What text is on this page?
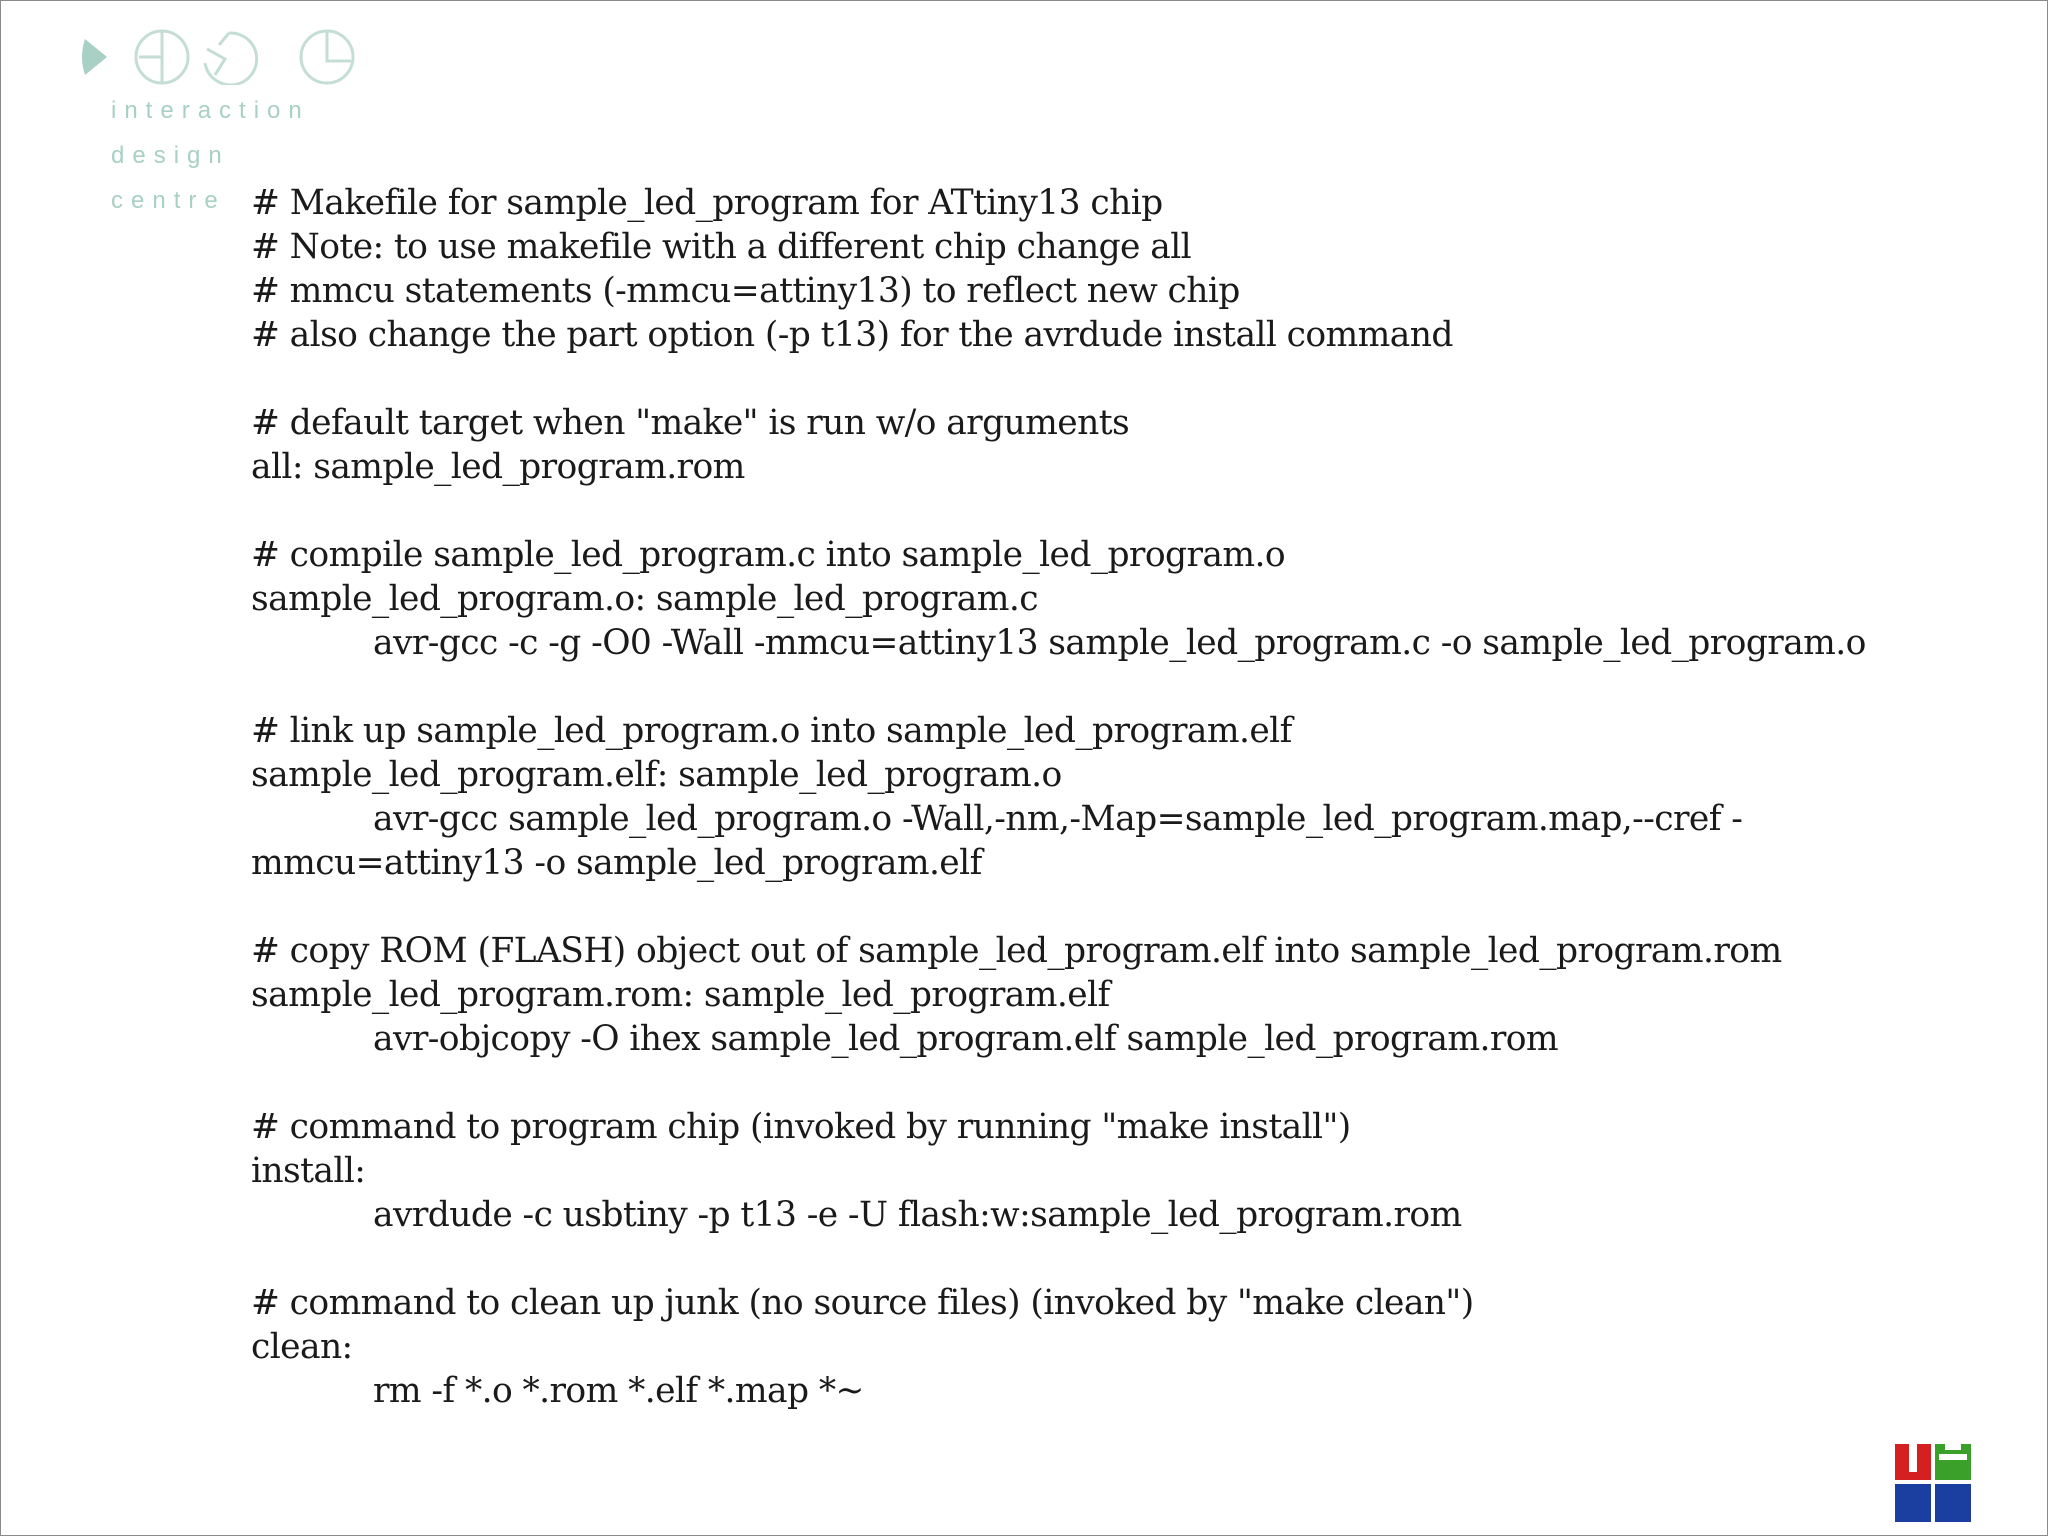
interaction
design
centre # Makefile for sample_led_program for ATtiny13 chip
# Note: to use makefile with a different chip change all
# mmcu statements (-mmcu=attiny13) to reflect new chip
# also change the part option (-p t13) for the avrdude install command
# default target when "make" is run w/o arguments
all: sample_led_program.rom
# compile sample_led_program.c into sample_led_program.o
sample_led_program.o: sample_led_program.c
avr-gcc -c -g -O0 -Wall -mmcu=attiny13 sample_led_program.c -o sample_led_program.o
# link up sample_led_program.o into sample_led_program.elf
sample_led_program.elf: sample_led_program.o
avr-gcc sample_led_program.o -Wall,-nm,-Map=sample_led_program.map,--cref -
mmcu=attiny13 -o sample_led_program.elf
# copy ROM (FLASH) object out of sample_led_program.elf into sample_led_program.rom
sample_led_program.rom: sample_led_program.elf
avr-objcopy -O ihex sample_led_program.elf sample_led_program.rom
# command to program chip (invoked by running "make install")
install:
avrdude -c usbtiny -p t13 -e -U flash:w:sample_led_program.rom
# command to clean up junk (no source files) (invoked by "make clean")
clean:
rm -f *.o *.rom *.elf *.map *~
